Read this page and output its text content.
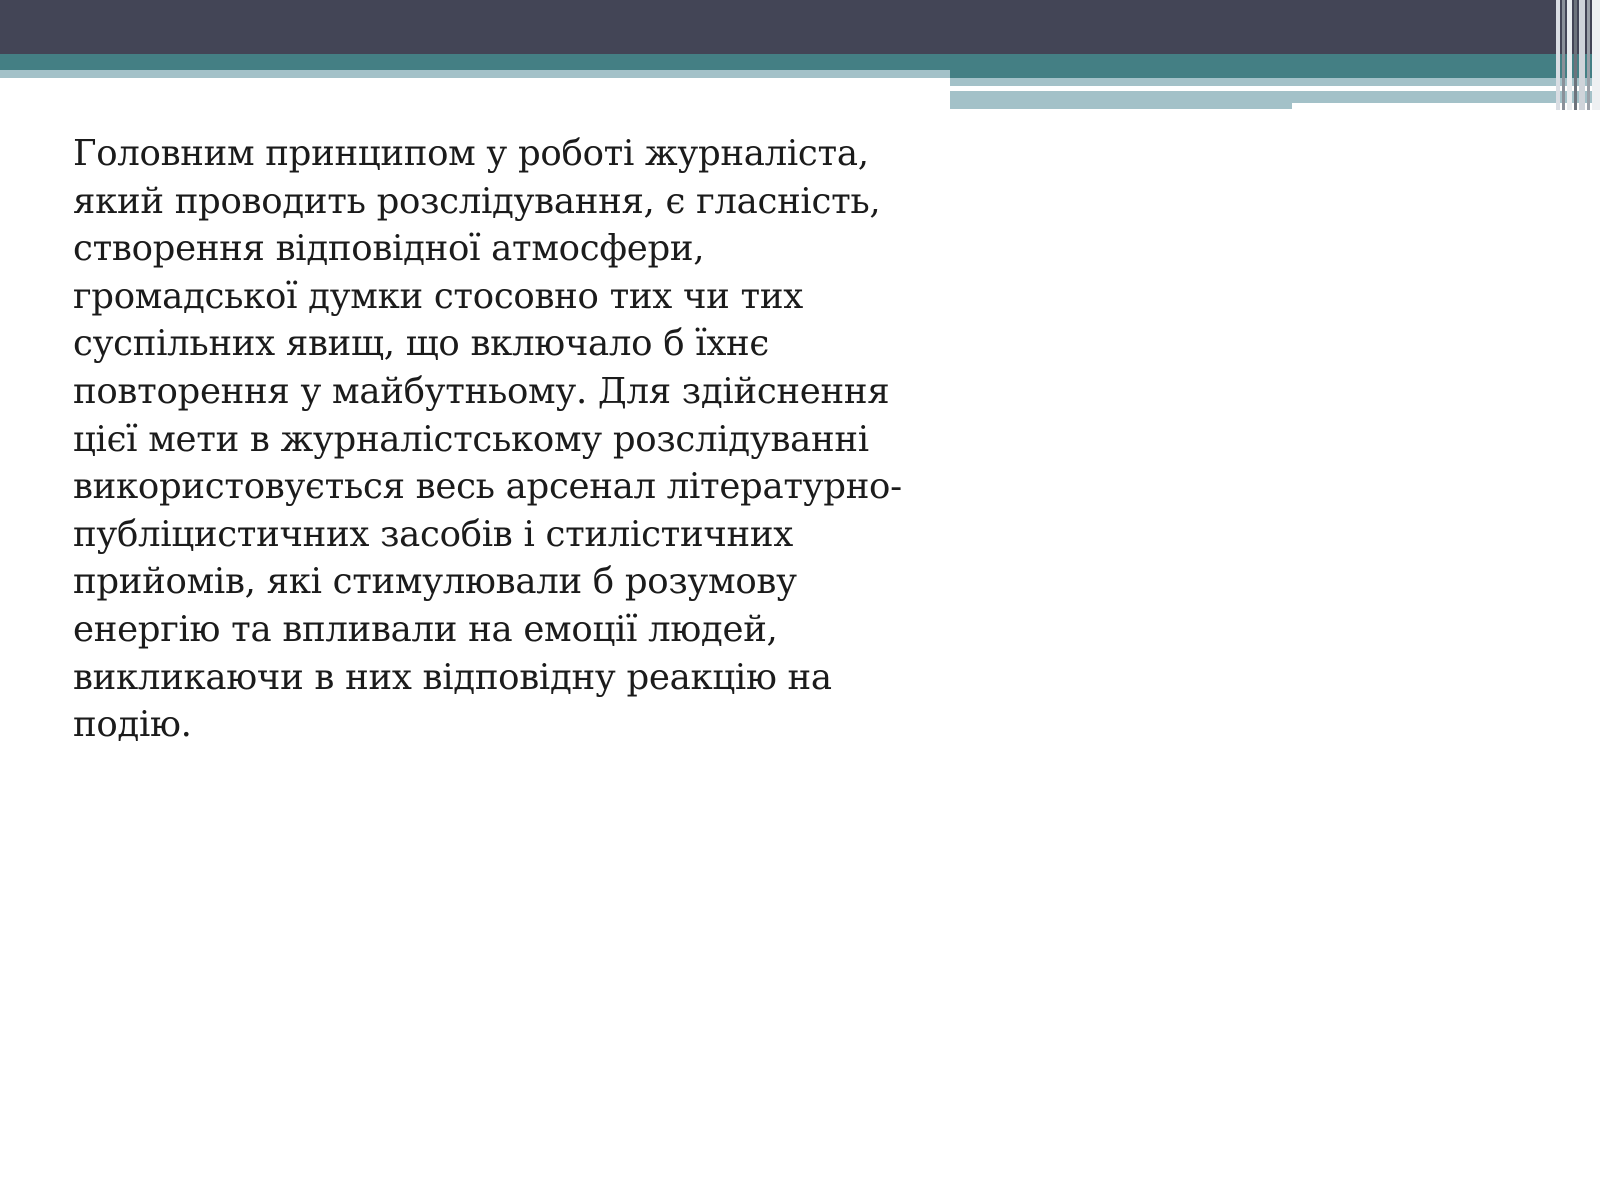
Головним принципом у роботі журналіста,
який проводить розслідування, є гласність,
створення відповідної атмосфери,
громадської думки стосовно тих чи тих
суспільних явищ, що включало б їхнє
повторення у майбутньому. Для здійснення
цієї мети в журналістському розслідуванні
використовується весь арсенал літературно-
публіцистичних засобів і стилістичних
прийомів, які стимулювали б розумову
енергію та впливали на емоції людей,
викликаючи в них відповідну реакцію на
подію.
